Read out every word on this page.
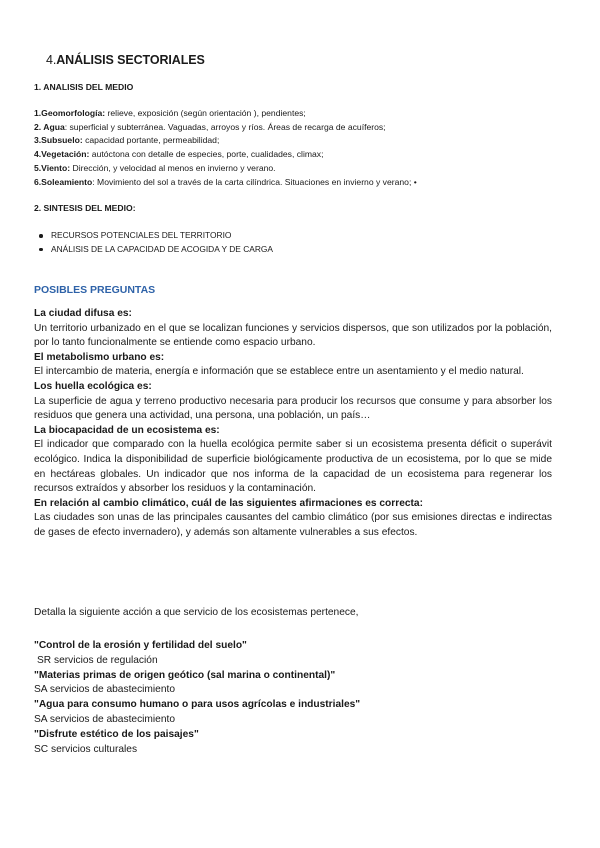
4.ANÁLISIS SECTORIALES
1. ANALISIS DEL MEDIO
1.Geomorfología: relieve, exposición (según orientación ), pendientes;
2. Agua: superficial y subterránea. Vaguadas, arroyos y ríos. Áreas de recarga de acuíferos;
3.Subsuelo: capacidad portante, permeabilidad;
4.Vegetación: autóctona con detalle de especies, porte, cualidades, climax;
5.Viento: Dirección, y velocidad al menos en invierno y verano.
6.Soleamiento: Movimiento del sol a través de la carta cilíndrica. Situaciones en invierno y verano; •
2. SINTESIS DEL MEDIO:
RECURSOS POTENCIALES DEL TERRITORIO
ANÁLISIS DE LA CAPACIDAD DE ACOGIDA Y DE CARGA
POSIBLES PREGUNTAS
La ciudad difusa es:
Un territorio urbanizado en el que se localizan funciones y servicios dispersos, que son utilizados por la población, por lo tanto funcionalmente se entiende como espacio urbano.
El metabolismo urbano es:
El intercambio de materia, energía e información que se establece entre un asentamiento y el medio natural.
Los huella ecológica es:
La superficie de agua y terreno productivo necesaria para producir los recursos que consume y para absorber los residuos que genera una actividad, una persona, una población, un país…
La biocapacidad de un ecosistema es:
El indicador que comparado con la huella ecológica permite saber si un ecosistema presenta déficit o superávit ecológico. Indica la disponibilidad de superficie biológicamente productiva de un ecosistema, por lo que se mide en hectáreas globales. Un indicador que nos informa de la capacidad de un ecosistema para regenerar los recursos extraídos y absorber los residuos y la contaminación.
En relación al cambio climático, cuál de las siguientes afirmaciones es correcta:
Las ciudades son unas de las principales causantes del cambio climático (por sus emisiones directas e indirectas de gases de efecto invernadero), y además son altamente vulnerables a sus efectos.
Detalla la siguiente acción a que servicio de los ecosistemas pertenece,
"Control de la erosión y fertilidad del suelo"
SR servicios de regulación
"Materias primas de origen geótico (sal marina o continental)"
SA servicios de abastecimiento
"Agua para consumo humano o para usos agrícolas e industriales"
SA servicios de abastecimiento
"Disfrute estético de los paisajes"
SC servicios culturales
